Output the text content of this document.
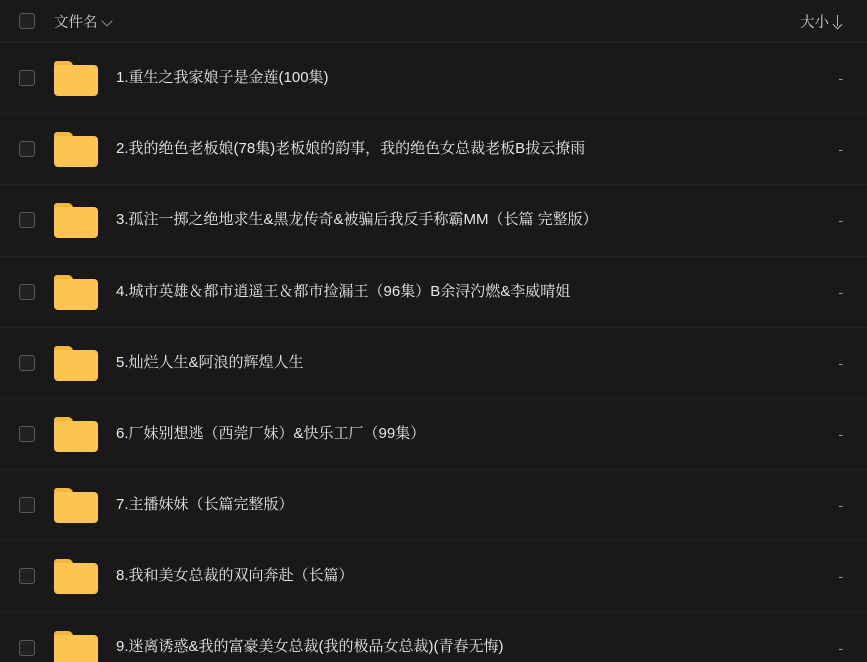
文件名	大小
1.重生之我家娘子是金莲(100集)	-
2.我的绝色老板娘(78集)老板娘的韵事，我的绝色女总裁老板B拔云撩雨	-
3.孤注一掷之绝地求生&黑龙传奇&被骗后我反手称霸MM（长篇 完整版）	-
4.城市英雄＆都市逍遥王＆都市捡漏王（96集）B余浔汋燃&李威晴姐	-
5.灿烂人生&阿浪的辉煌人生	-
6.厂妹别想逃（西莞厂妹）&快乐工厂（99集）	-
7.主播妹妹（长篇完整版）	-
8.我和美女总裁的双向奔赴（长篇）	-
9.迷离诱惑&我的富豪美女总裁(我的极品女总裁)(青春无悔)	-
